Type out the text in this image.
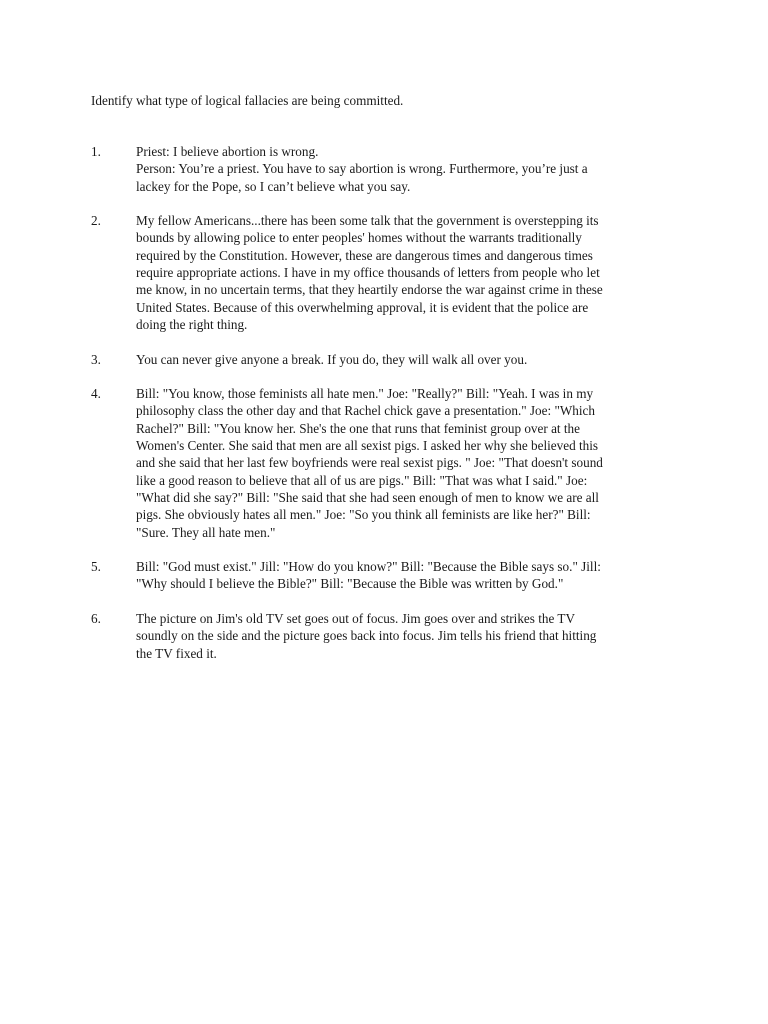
Identify what type of logical fallacies are being committed.

1.	Priest: I believe abortion is wrong.
Person: You’re a priest. You have to say abortion is wrong. Furthermore, you’re just a
lackey for the Pope, so I can’t believe what you say.
2.	My fellow Americans...there has been some talk that the government is overstepping its
bounds by allowing police to enter peoples' homes without the warrants traditionally
required by the Constitution. However, these are dangerous times and dangerous times
require appropriate actions. I have in my office thousands of letters from people who let
me know, in no uncertain terms, that they heartily endorse the war against crime in these
United States. Because of this overwhelming approval, it is evident that the police are
doing the right thing.
3.	You can never give anyone a break. If you do, they will walk all over you.
4.	Bill: "You know, those feminists all hate men." Joe: "Really?" Bill: "Yeah. I was in my
philosophy class the other day and that Rachel chick gave a presentation." Joe: "Which
Rachel?" Bill: "You know her. She's the one that runs that feminist group over at the
Women's Center. She said that men are all sexist pigs. I asked her why she believed this
and she said that her last few boyfriends were real sexist pigs. " Joe: "That doesn't sound
like a good reason to believe that all of us are pigs." Bill: "That was what I said." Joe:
"What did she say?" Bill: "She said that she had seen enough of men to know we are all
pigs. She obviously hates all men." Joe: "So you think all feminists are like her?" Bill:
"Sure. They all hate men."
5.	Bill: "God must exist." Jill: "How do you know?" Bill: "Because the Bible says so." Jill:
"Why should I believe the Bible?" Bill: "Because the Bible was written by God."
6.	The picture on Jim's old TV set goes out of focus. Jim goes over and strikes the TV
soundly on the side and the picture goes back into focus. Jim tells his friend that hitting
the TV fixed it.
